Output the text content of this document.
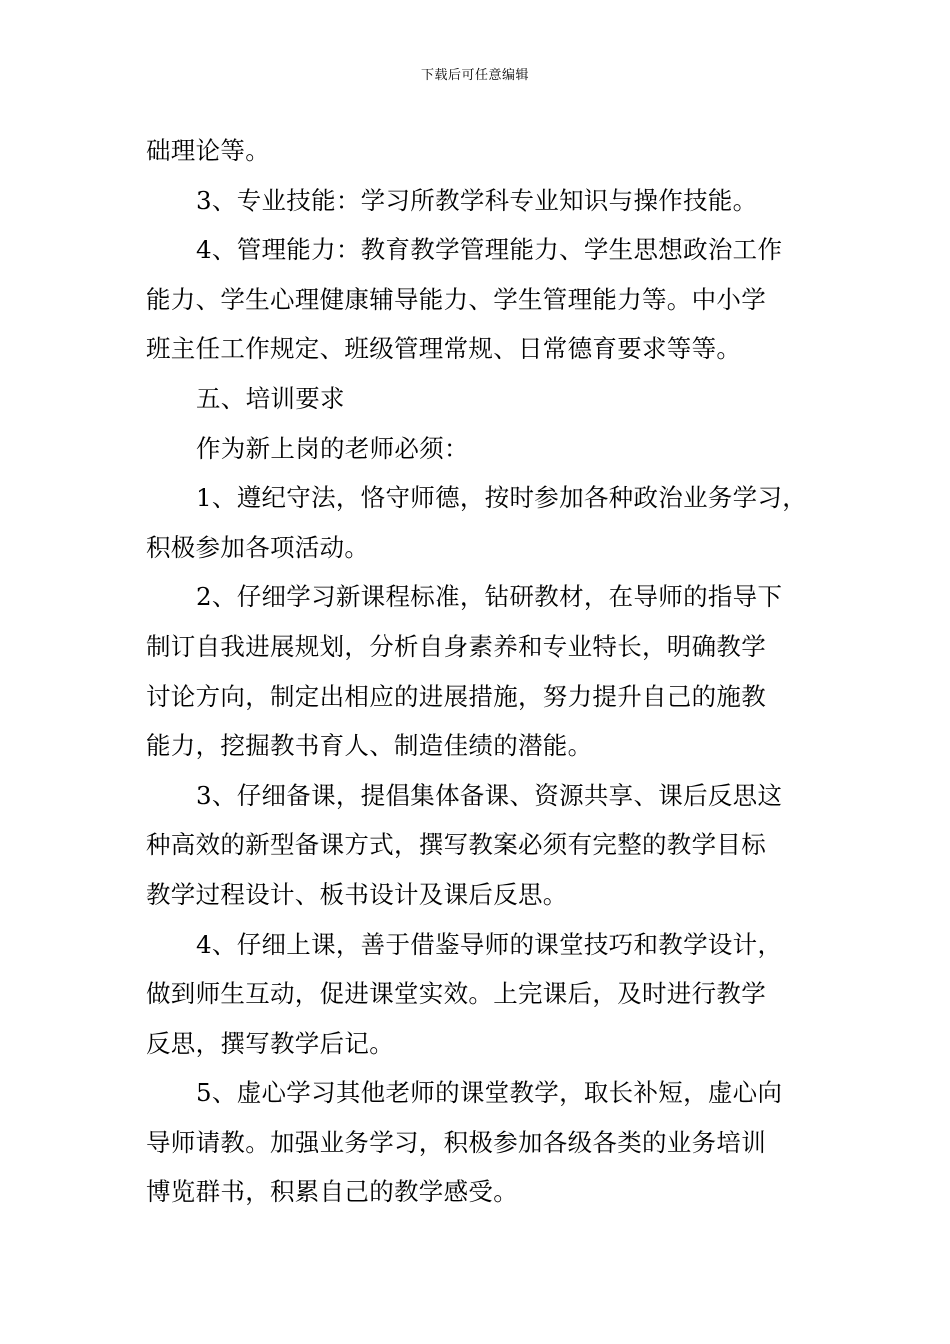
下载后可任意编辑
础理论等。
3、专业技能：学习所教学科专业知识与操作技能。
4、管理能力：教育教学管理能力、学生思想政治工作
能力、学生心理健康辅导能力、学生管理能力等。中小学
班主任工作规定、班级管理常规、日常德育要求等等。
五、培训要求
作为新上岗的老师必须：
1、遵纪守法，恪守师德，按时参加各种政治业务学习，
积极参加各项活动。
2、仔细学习新课程标准，钻研教材，在导师的指导下
制订自我进展规划，分析自身素养和专业特长，明确教学
讨论方向，制定出相应的进展措施，努力提升自己的施教
能力，挖掘教书育人、制造佳绩的潜能。
3、仔细备课，提倡集体备课、资源共享、课后反思这
种高效的新型备课方式，撰写教案必须有完整的教学目标
教学过程设计、板书设计及课后反思。
4、仔细上课，善于借鉴导师的课堂技巧和教学设计，
做到师生互动，促进课堂实效。上完课后，及时进行教学
反思，撰写教学后记。
5、虚心学习其他老师的课堂教学，取长补短，虚心向
导师请教。加强业务学习，积极参加各级各类的业务培训
博览群书，积累自己的教学感受。
